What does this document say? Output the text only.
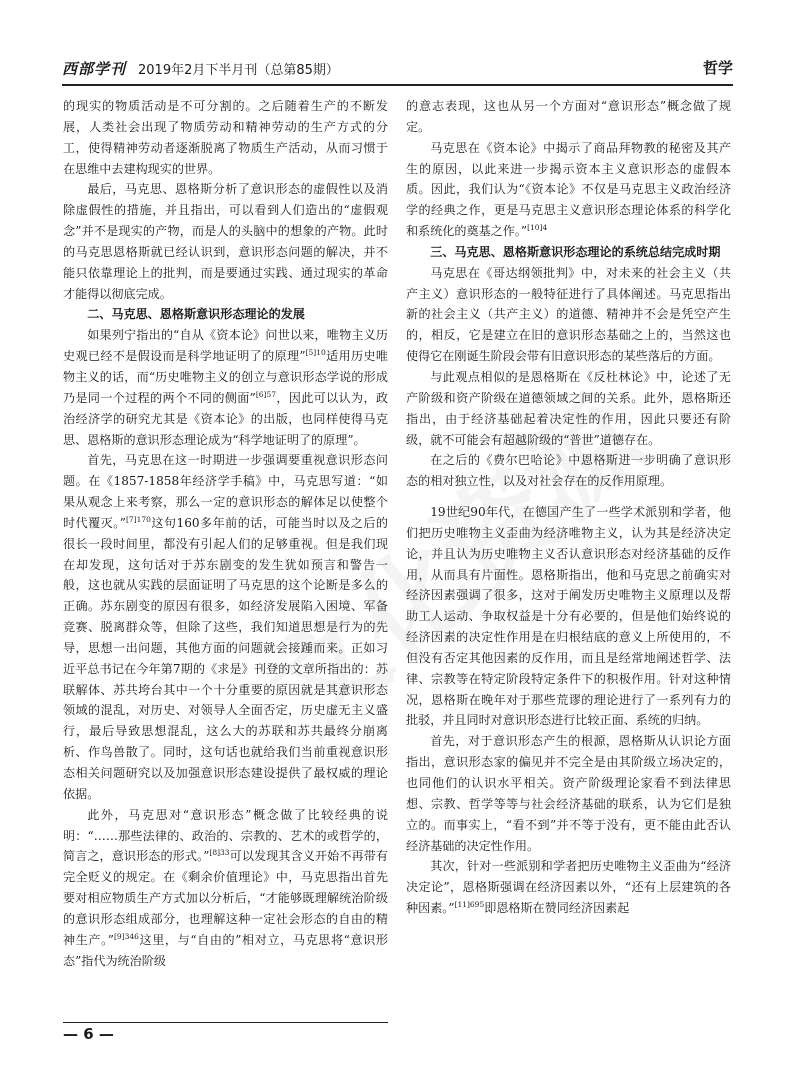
西部学刊 2019年2月下半月刊（总第85期）	哲学

的现实的物质活动是不可分割的。之后随着生产的不断发展，人类社会出现了物质劳动和精神劳动的生产方式的分工，使得精神劳动者逐渐脱离了物质生产活动，从而习惯于在思维中去建构现实的世界。

最后，马克思、恩格斯分析了意识形态的虚假性以及消除虚假性的措施，并且指出，可以看到人们造出的“虚假观念”并不是现实的产物，而是人的头脑中的想象的产物。此时的马克思恩格斯就已经认识到，意识形态问题的解决，并不能只依靠理论上的批判，而是要通过实践、通过现实的革命才能得以彻底完成。

二、马克思、恩格斯意识形态理论的发展

如果列宁指出的“自从《资本论》问世以来，唯物主义历史观已经不是假设而是科学地证明了的原理”$^{[5]10}$适用历史唯物主义的话，而“历史唯物主义的创立与意识形态学说的形成乃是同一个过程的两个不同的侧面”$^{[6]57}$，因此可以认为，政治经济学的研究尤其是《资本论》的出版，也同样使得马克思、恩格斯的意识形态理论成为“科学地证明了的原理”。

首先，马克思在这一时期进一步强调要重视意识形态问题。在《1857-1858年经济学手稿》中，马克思写道：“如果从观念上来考察，那么一定的意识形态的解体足以使整个时代覆灭。”$^{[7]170}$这句160多年前的话，可能当时以及之后的很长一段时间里，都没有引起人们的足够重视。但是我们现在却发现，这句话对于苏东剧变的发生犹如预言和警告一般，这也就从实践的层面证明了马克思的这个论断是多么的正确。苏东剧变的原因有很多，如经济发展陷入困境、军备竞赛、脱离群众等，但除了这些，我们知道思想是行为的先导，思想一出问题，其他方面的问题就会接踵而来。正如习近平总书记在今年第7期的《求是》刊登的文章所指出的：苏联解体、苏共垮台其中一个十分重要的原因就是其意识形态领域的混乱，对历史、对领导人全面否定，历史虚无主义盛行，最后导致思想混乱，这么大的苏联和苏共最终分崩离析、作鸟兽散了。同时，这句话也就给我们当前重视意识形态相关问题研究以及加强意识形态建设提供了最权威的理论依据。

此外，马克思对“意识形态”概念做了比较经典的说明：“……那些法律的、政治的、宗教的、艺术的或哲学的，简言之，意识形态的形式。”$^{[8]33}$可以发现其含义开始不再带有完全贬义的规定。在《剩余价值理论》中，马克思指出首先要对相应物质生产方式加以分析后，“才能够既理解统治阶级的意识形态组成部分，也理解这种一定社会形态的自由的精神生产。”$^{[9]346}$这里，与“自由的”相对立，马克思将“意识形态”指代为统治阶级

的意志表现，这也从另一个方面对“意识形态”概念做了规定。

马克思在《资本论》中揭示了商品拜物教的秘密及其产生的原因，以此来进一步揭示资本主义意识形态的虚假本质。因此，我们认为“《资本论》不仅是马克思主义政治经济学的经典之作，更是马克思主义意识形态理论体系的科学化和系统化的奠基之作。”$^{[10]4}$

三、马克思、恩格斯意识形态理论的系统总结完成时期

马克思在《哥达纲领批判》中，对未来的社会主义（共产主义）意识形态的一般特征进行了具体阐述。马克思指出新的社会主义（共产主义）的道德、精神并不会是凭空产生的，相反，它是建立在旧的意识形态基础之上的，当然这也使得它在刚诞生阶段会带有旧意识形态的某些落后的方面。

与此观点相似的是恩格斯在《反杜林论》中，论述了无产阶级和资产阶级在道德领域之间的关系。此外，恩格斯还指出，由于经济基础起着决定性的作用，因此只要还有阶级，就不可能会有超越阶级的“普世”道德存在。

在之后的《费尔巴哈论》中恩格斯进一步明确了意识形态的相对独立性，以及对社会存在的反作用原理。

19世纪90年代，在德国产生了一些学术派别和学者，他们把历史唯物主义歪曲为经济唯物主义，认为其是经济决定论，并且认为历史唯物主义否认意识形态对经济基础的反作用，从而具有片面性。恩格斯指出，他和马克思之前确实对经济因素强调了很多，这对于阐发历史唯物主义原理以及帮助工人运动、争取权益是十分有必要的，但是他们始终说的经济因素的决定性作用是在归根结底的意义上所使用的，不但没有否定其他因素的反作用，而且是经常地阐述哲学、法律、宗教等在特定阶段特定条件下的积极作用。针对这种情况，恩格斯在晚年对于那些荒谬的理论进行了一系列有力的批驳，并且同时对意识形态进行比较正面、系统的归纳。

首先，对于意识形态产生的根源，恩格斯从认识论方面指出，意识形态家的偏见并不完全是由其阶级立场决定的，也同他们的认识水平相关。资产阶级理论家看不到法律思想、宗教、哲学等等与社会经济基础的联系，认为它们是独立的。而事实上，“看不到”并不等于没有，更不能由此否认经济基础的决定性作用。

其次，针对一些派别和学者把历史唯物主义歪曲为“经济决定论”，恩格斯强调在经济因素以外，“还有上层建筑的各种因素。”$^{[11]695}$即恩格斯在赞同经济因素起

— 6 —
